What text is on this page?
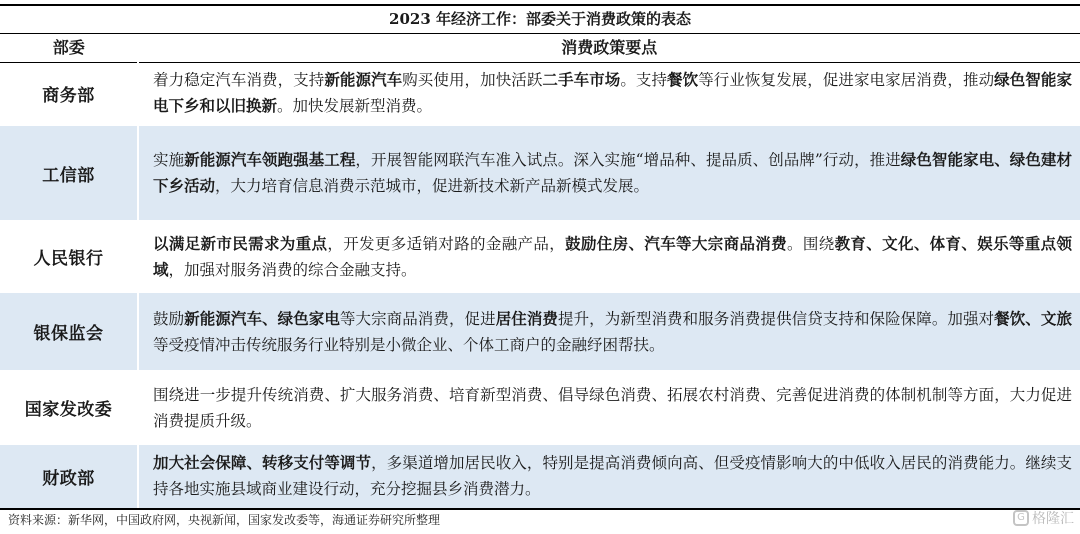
2023 年经济工作：部委关于消费政策的表态	
部委	消费政策要点
商务部	着力稳定汽车消费，支持新能源汽车购买使用，加快活跃二手车市场。支持餐饮等行业恢复发展，促进家电家居消费，推动绿色智能家电下乡和以旧换新。加快发展新型消费。
工信部	实施新能源汽车领跑强基工程，开展智能网联汽车准入试点。深入实施“增品种、提品质、创品牌”行动，推进绿色智能家电、绿色建材下乡活动，大力培育信息消费示范城市，促进新技术新产品新模式发展。
人民银行	以满足新市民需求为重点，开发更多适销对路的金融产品，鼓励住房、汽车等大宗商品消费。围绕教育、文化、体育、娱乐等重点领域，加强对服务消费的综合金融支持。
银保监会	鼓励新能源汽车、绿色家电等大宗商品消费，促进居住消费提升，为新型消费和服务消费提供信贷支持和保险保障。加强对餐饮、文旅等受疫情冲击传统服务行业特别是小微企业、个体工商户的金融纾困帮扶。
国家发改委	围绕进一步提升传统消费、扩大服务消费、培育新型消费、倡导绿色消费、拓展农村消费、完善促进消费的体制机制等方面，大力促进消费提质升级。
财政部	加大社会保障、转移支付等调节，多渠道增加居民收入，特别是提高消费倾向高、但受疫情影响大的中低收入居民的消费能力。继续支持各地实施县域商业建设行动，充分挖掘县乡消费潜力。
资料来源：新华网，中国政府网，央视新闻，国家发改委等，海通证券研究所整理	G 格隆汇
